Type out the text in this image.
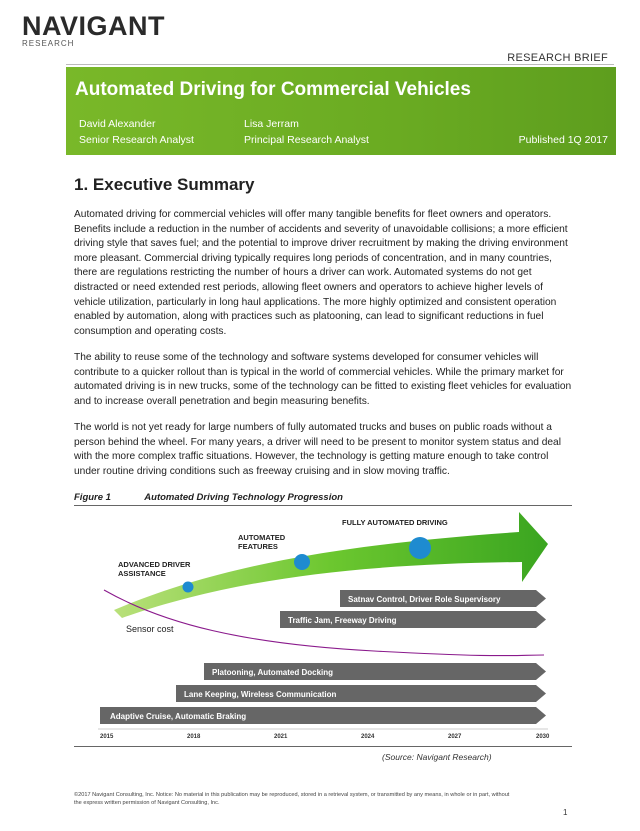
NAVIGANT
RESEARCH
RESEARCH BRIEF
Automated Driving for Commercial Vehicles
David Alexander
Senior Research Analyst
Lisa Jerram
Principal Research Analyst	Published 1Q 2017
1. Executive Summary

Automated driving for commercial vehicles will offer many tangible benefits for fleet owners and operators. Benefits include a reduction in the number of accidents and severity of unavoidable collisions; a more efficient driving style that saves fuel; and the potential to improve driver recruitment by making the driving environment more pleasant. Commercial driving typically requires long periods of concentration, and in many countries, there are regulations restricting the number of hours a driver can work. Automated systems do not get distracted or need extended rest periods, allowing fleet owners and operators to achieve higher levels of vehicle utilization, particularly in long haul applications. The more highly optimized and consistent operation enabled by automation, along with practices such as platooning, can lead to significant reductions in fuel consumption and operating costs.

The ability to reuse some of the technology and software systems developed for consumer vehicles will contribute to a quicker rollout than is typical in the world of commercial vehicles. While the primary market for automated driving is in new trucks, some of the technology can be fitted to existing fleet vehicles for evaluation and to increase overall penetration and begin measuring benefits.

The world is not yet ready for large numbers of fully automated trucks and buses on public roads without a person behind the wheel. For many years, a driver will need to be present to monitor system status and deal with the more complex traffic situations. However, the technology is getting mature enough to take control under routine driving conditions such as freeway cruising and in slow moving traffic.

Figure 1	Automated Driving Technology Progression
ADVANCED DRIVER
ASSISTANCE
AUTOMATED
FEATURES
FULLY AUTOMATED DRIVING
Sensor cost
Satnav Control, Driver Role Supervisory
Traffic Jam, Freeway Driving
Platooning, Automated Docking
Lane Keeping, Wireless Communication
Adaptive Cruise, Automatic Braking
2015	2018	2021	2024	2027	2030
(Source: Navigant Research)
©2017 Navigant Consulting, Inc. Notice: No material in this publication may be reproduced, stored in a retrieval system, or transmitted by any means, in whole or in part, without the express written permission of Navigant Consulting, Inc.
1
